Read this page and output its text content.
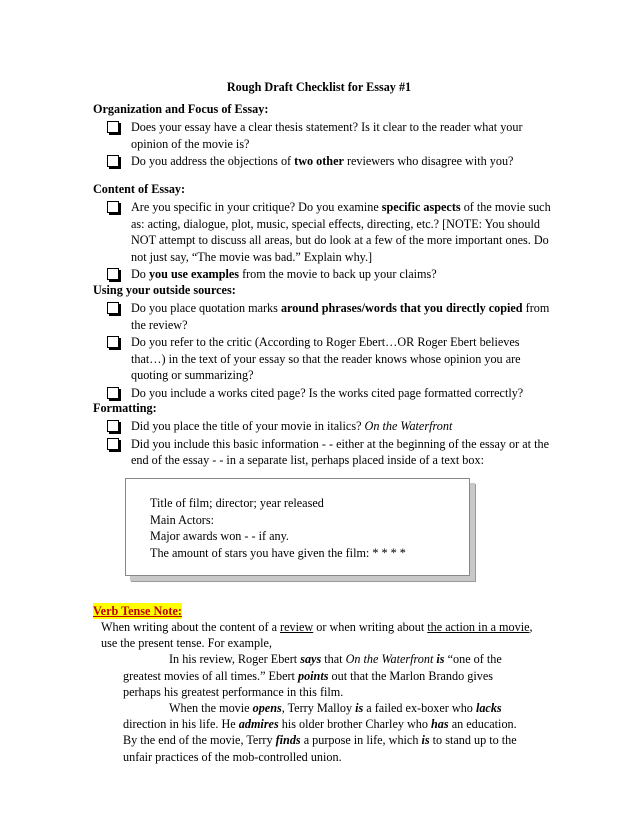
Rough Draft Checklist for Essay #1
Organization and Focus of Essay:
Does your essay have a clear thesis statement? Is it clear to the reader what your opinion of the movie is?
Do you address the objections of two other reviewers who disagree with you?
Content of Essay:
Are you specific in your critique? Do you examine specific aspects of the movie such as: acting, dialogue, plot, music, special effects, directing, etc.? [NOTE: You should NOT attempt to discuss all areas, but do look at a few of the more important ones. Do not just say, “The movie was bad.” Explain why.]
Do you use examples from the movie to back up your claims?
Using your outside sources:
Do you place quotation marks around phrases/words that you directly copied from the review?
Do you refer to the critic (According to Roger Ebert…OR Roger Ebert believes that…) in the text of your essay so that the reader knows whose opinion you are quoting or summarizing?
Do you include a works cited page? Is the works cited page formatted correctly?
Formatting:
Did you place the title of your movie in italics? On the Waterfront
Did you include this basic information - - either at the beginning of the essay or at the end of the essay - - in a separate list, perhaps placed inside of a text box:
Title of film; director; year released
Main Actors:
Major awards won - - if any.
The amount of stars you have given the film: * * * *
Verb Tense Note:

When writing about the content of a review or when writing about the action in a movie, use the present tense. For example,

In his review, Roger Ebert says that On the Waterfront is “one of the greatest movies of all times.” Ebert points out that the Marlon Brando gives perhaps his greatest performance in this film.

When the movie opens, Terry Malloy is a failed ex-boxer who lacks direction in his life. He admires his older brother Charley who has an education. By the end of the movie, Terry finds a purpose in life, which is to stand up to the unfair practices of the mob-controlled union.
